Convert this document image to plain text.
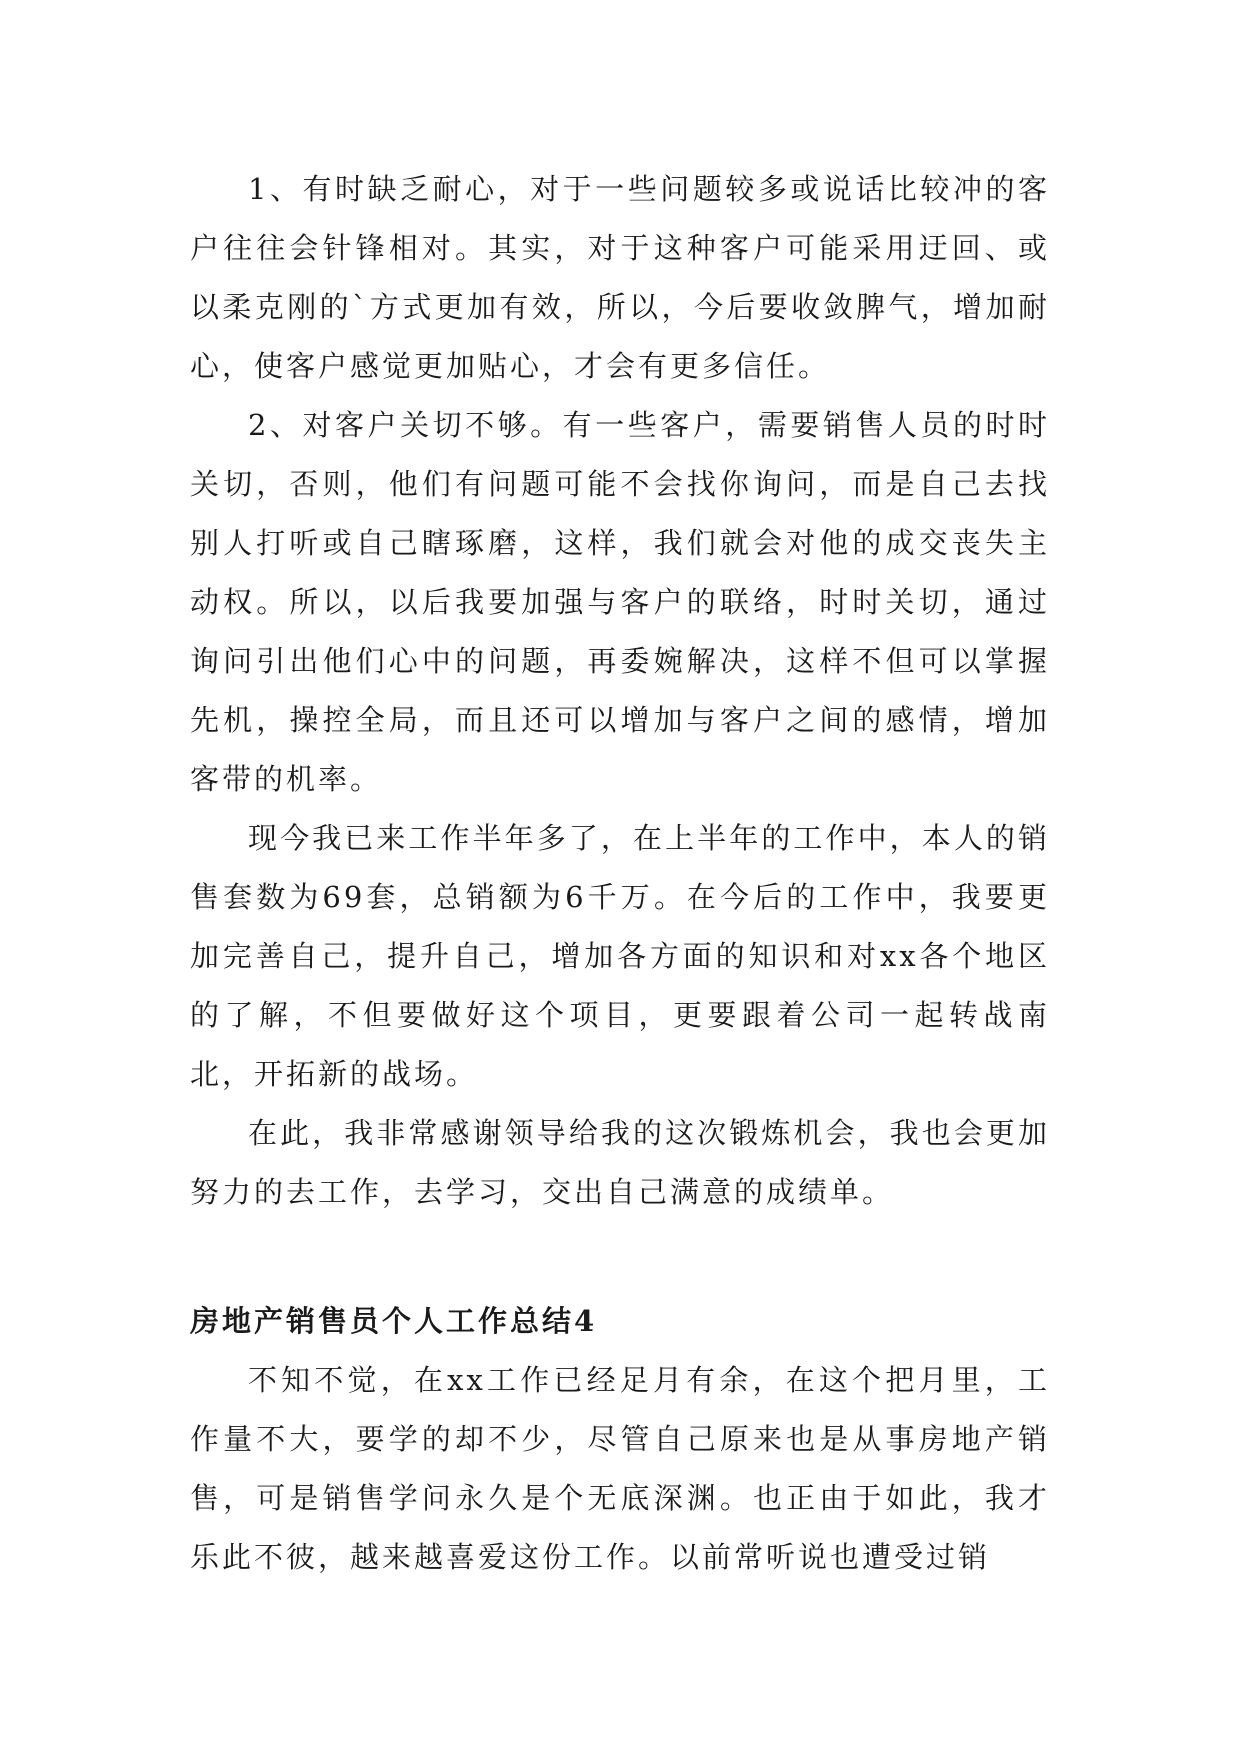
1、有时缺乏耐心，对于一些问题较多或说话比较冲的客户往往会针锋相对。其实，对于这种客户可能采用迂回、或以柔克刚的`方式更加有效，所以，今后要收敛脾气，增加耐心，使客户感觉更加贴心，才会有更多信任。

2、对客户关切不够。有一些客户，需要销售人员的时时关切，否则，他们有问题可能不会找你询问，而是自己去找别人打听或自己瞎琢磨，这样，我们就会对他的成交丧失主动权。所以，以后我要加强与客户的联络，时时关切，通过询问引出他们心中的问题，再委婉解决，这样不但可以掌握先机，操控全局，而且还可以增加与客户之间的感情，增加客带的机率。

现今我已来工作半年多了，在上半年的工作中，本人的销售套数为69套，总销额为6千万。在今后的工作中，我要更加完善自己，提升自己，增加各方面的知识和对xx各个地区的了解，不但要做好这个项目，更要跟着公司一起转战南北，开拓新的战场。

在此，我非常感谢领导给我的这次锻炼机会，我也会更加努力的去工作，去学习，交出自己满意的成绩单。

房地产销售员个人工作总结4

不知不觉，在xx工作已经足月有余，在这个把月里，工作量不大，要学的却不少，尽管自己原来也是从事房地产销售，可是销售学问永久是个无底深渊。也正由于如此，我才乐此不彼，越来越喜爱这份工作。以前常听说也遭受过销
